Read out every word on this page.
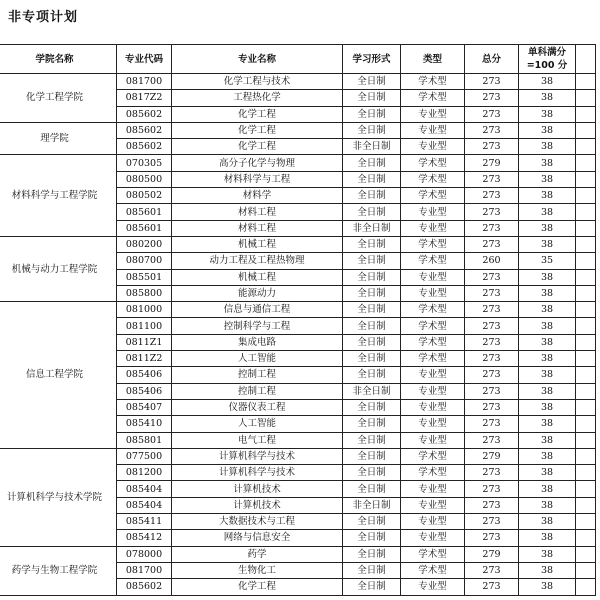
非专项计划
学院名称	专业代码	专业名称	学习形式	类型	总分	单科满分
=100 分	

化学工程学院	081700	化学工程与技术	全日制	学术型	273	38	
	0817Z2	工程热化学	全日制	学术型	273	38	
	085602	化学工程	全日制	专业型	273	38	
理学院	085602	化学工程	全日制	专业型	273	38	
	085602	化学工程	非全日制	专业型	273	38	
材料科学与工程学院	070305	高分子化学与物理	全日制	学术型	279	38	
	080500	材料科学与工程	全日制	学术型	273	38	
	080502	材料学	全日制	学术型	273	38	
	085601	材料工程	全日制	专业型	273	38	
	085601	材料工程	非全日制	专业型	273	38	
机械与动力工程学院	080200	机械工程	全日制	学术型	273	38	
	080700	动力工程及工程热物理	全日制	学术型	260	35	
	085501	机械工程	全日制	专业型	273	38	
	085800	能源动力	全日制	专业型	273	38	
信息工程学院	081000	信息与通信工程	全日制	学术型	273	38	
	081100	控制科学与工程	全日制	学术型	273	38	
	0811Z1	集成电路	全日制	学术型	273	38	
	0811Z2	人工智能	全日制	学术型	273	38	
	085406	控制工程	全日制	专业型	273	38	
	085406	控制工程	非全日制	专业型	273	38	
	085407	仪器仪表工程	全日制	专业型	273	38	
	085410	人工智能	全日制	专业型	273	38	
	085801	电气工程	全日制	专业型	273	38	
计算机科学与技术学院	077500	计算机科学与技术	全日制	学术型	279	38	
	081200	计算机科学与技术	全日制	学术型	273	38	
	085404	计算机技术	全日制	专业型	273	38	
	085404	计算机技术	非全日制	专业型	273	38	
	085411	大数据技术与工程	全日制	专业型	273	38	
	085412	网络与信息安全	全日制	专业型	273	38	
药学与生物工程学院	078000	药学	全日制	学术型	279	38	
	081700	生物化工	全日制	学术型	273	38	
	085602	化学工程	全日制	专业型	273	38	
